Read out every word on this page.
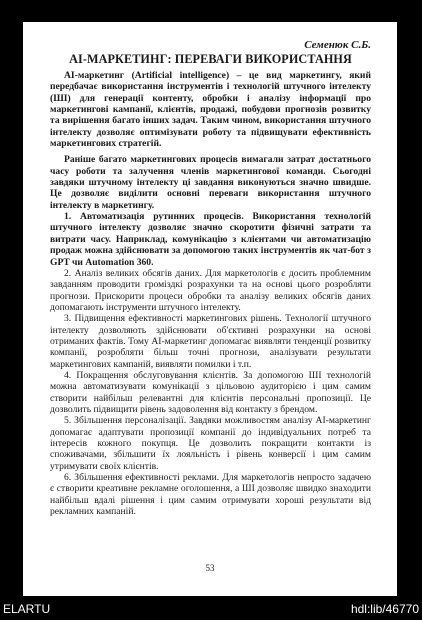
Семенюк С.Б.

АІ-МАРКЕТИНГ: ПЕРЕВАГИ ВИКОРИСТАННЯ

АІ-маркетинг (Artificial intelligence) – це вид маркетингу, який передбачає використання інструментів і технологій штучного інтелекту (ШІ) для генерації контенту, обробки і аналізу інформації про маркетингові кампанії, клієнтів, продажі, побудови прогнозів розвитку та вирішення багато інших задач. Таким чином, використання штучного інтелекту дозволяє оптимізувати роботу та підвищувати ефективність маркетингових стратегій.

Раніше багато маркетингових процесів вимагали затрат достатнього часу роботи та залучення членів маркетингової команди. Сьогодні завдяки штучному інтелекту ці завдання виконуються значно швидше. Це дозволяє виділити основні переваги використання штучного інтелекту в маркетингу.

1. Автоматизація рутинних процесів. Використання технологій штучного інтелекту дозволяє значно скоротити фізичні затрати та витрати часу. Наприклад, комунікацію з клієнтами чи автоматизацію продаж можна здійснювати за допомогою таких інструментів як чат-бот з GPT чи Automation 360.

2. Аналіз великих обсягів даних. Для маркетологів є досить проблемним завданням проводити громіздкі розрахунки та на основі цього розробляти прогнози. Прискорити процеси обробки та аналізу великих обсягів даних допомагають інструменти штучного інтелекту.

3. Підвищення ефективності маркетингових рішень. Технології штучного інтелекту дозволяють здійснювати об'єктивні розрахунки на основі отриманих фактів. Тому АІ-маркетинг допомагає виявляти тенденції розвитку компанії, розробляти більш точні прогнози, аналізувати результати маркетингових кампаній, виявляти помилки і т.п.

4. Покращення обслуговування клієнтів. За допомогою ШІ технологій можна автоматизувати комунікації з цільовою аудиторією і цим самим створити найбільш релевантні для клієнтів персональні пропозиції. Це дозволить підвищити рівень задоволення від контакту з брендом.

5. Збільшення персоналізації. Завдяки можливостям аналізу АІ-маркетинг допомагає адаптувати пропозиції компанії до індивідуальних потреб та інтересів кожного покупця. Це дозволить покращити контакти із споживачами, збільшити їх лояльність і рівень конверсії і цим самим утримувати своїх клієнтів.

6. Збільшення ефективності реклами. Для маркетологів непросто задачею є створити креативне рекламне оголошення, а ШІ дозволяє швидко знаходити найбільш вдалі рішення і цим самим отримувати хороші результати від рекламних кампаній.

53
ELARTU	hdl:lib/46770
